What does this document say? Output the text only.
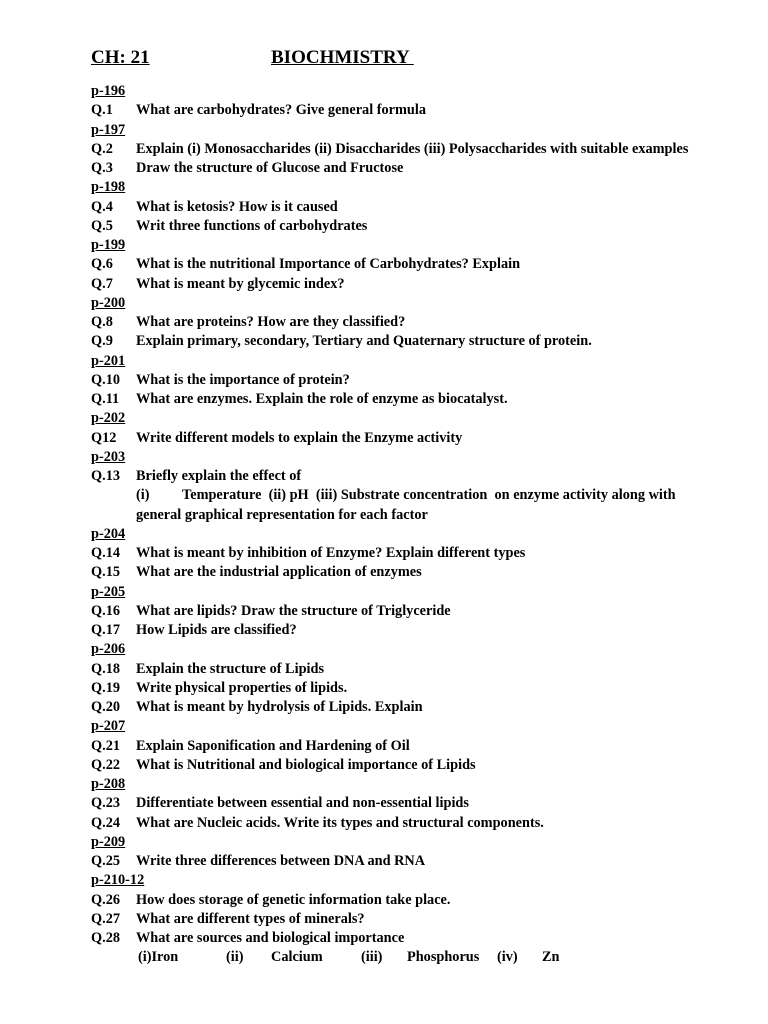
CH: 21	BIOCHMISTRY
p-196
Q.1 What are carbohydrates? Give general formula
p-197
Q.2 Explain (i) Monosaccharides (ii) Disaccharides (iii) Polysaccharides with suitable examples
Q.3 Draw the structure of Glucose and Fructose
p-198
Q.4 What is ketosis? How is it caused
Q.5 Writ three functions of carbohydrates
p-199
Q.6 What is the nutritional Importance of Carbohydrates? Explain
Q.7 What is meant by glycemic index?
p-200
Q.8 What are proteins? How are they classified?
Q.9 Explain primary, secondary, Tertiary and Quaternary structure of protein.
p-201
Q.10 What is the importance of protein?
Q.11 What are enzymes. Explain the role of enzyme as biocatalyst.
p-202
Q12 Write different models to explain the Enzyme activity
p-203
Q.13 Briefly explain the effect of
(i) Temperature  (ii) pH  (iii) Substrate concentration  on enzyme activity along with
general graphical representation for each factor
p-204
Q.14 What is meant by inhibition of Enzyme? Explain different types
Q.15 What are the industrial application of enzymes
p-205
Q.16 What are lipids? Draw the structure of Triglyceride
Q.17 How Lipids are classified?
p-206
Q.18 Explain the structure of Lipids
Q.19 Write physical properties of lipids.
Q.20 What is meant by hydrolysis of Lipids. Explain
p-207
Q.21 Explain Saponification and Hardening of Oil
Q.22 What is Nutritional and biological importance of Lipids
p-208
Q.23 Differentiate between essential and non-essential lipids
Q.24 What are Nucleic acids. Write its types and structural components.
p-209
Q.25 Write three differences between DNA and RNA
p-210-12
Q.26 How does storage of genetic information take place.
Q.27 What are different types of minerals?
Q.28 What are sources and biological importance
(i)Iron	(ii) Calcium	(iii) Phosphorus (iv) Zn
